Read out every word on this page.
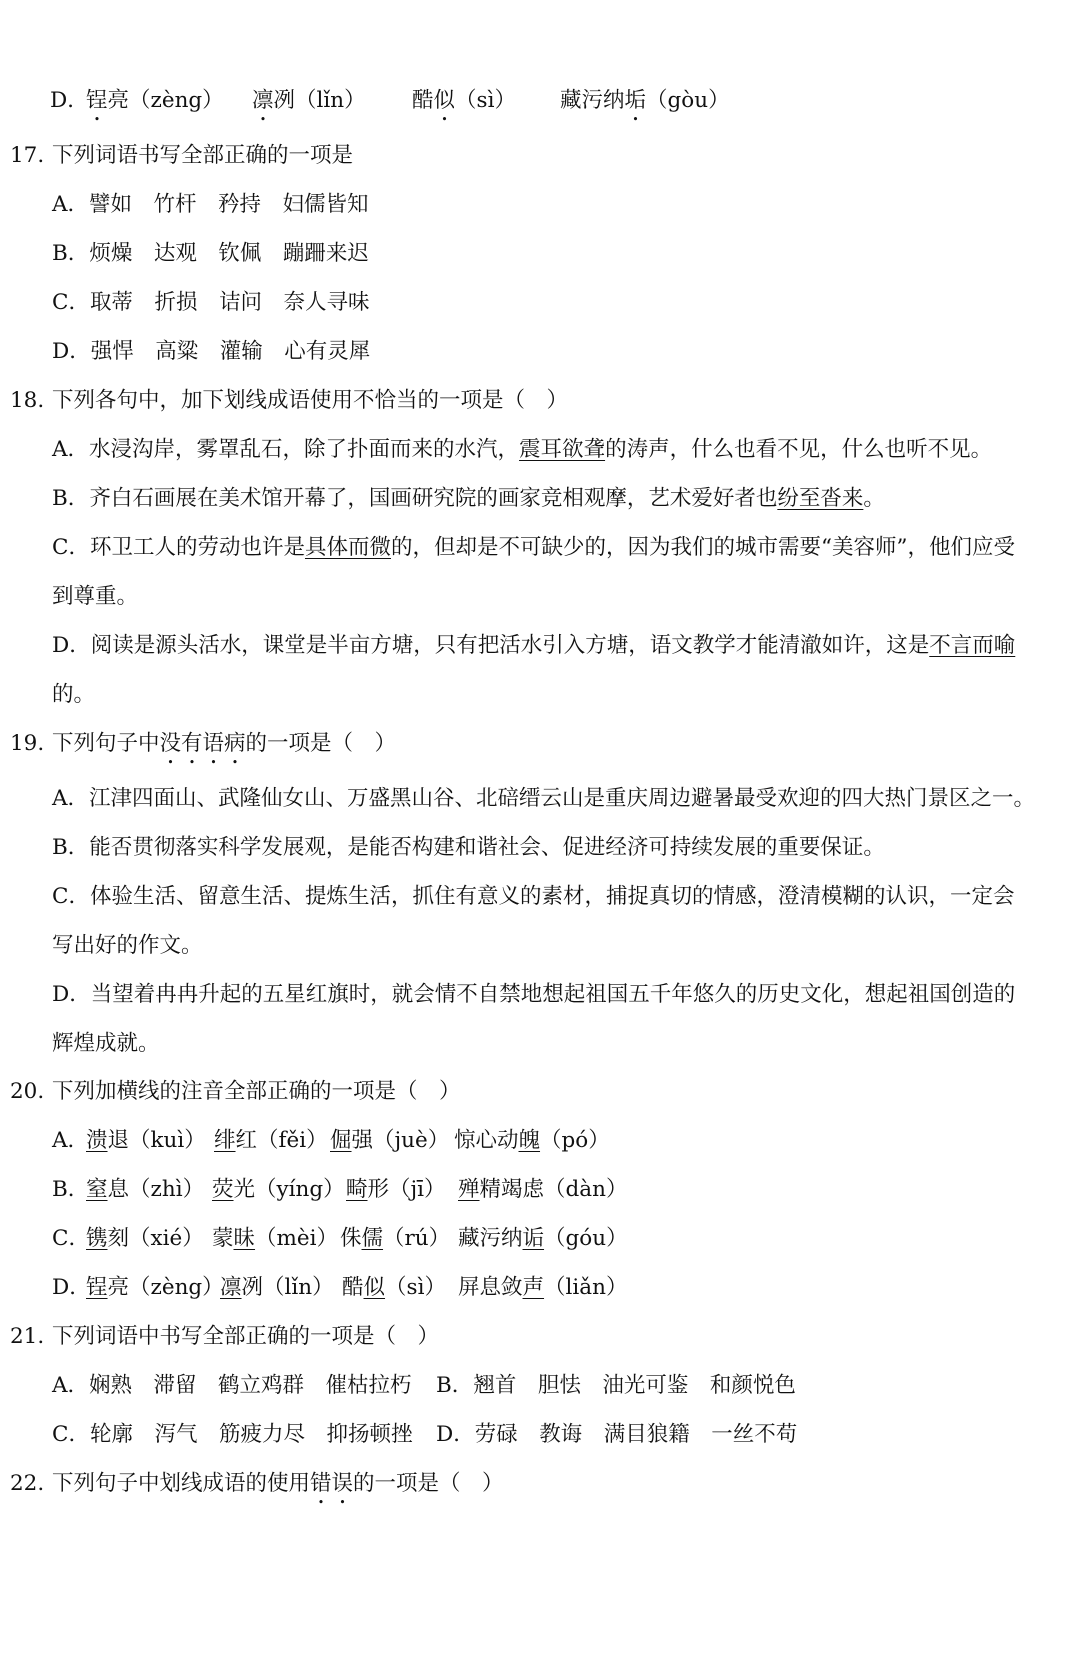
D．
锃亮（zèng） 凛冽（lǐn） 酷似（sì） 藏污纳垢（gòu）
17. 下列词语书写全部正确的一项是
A．譬如　竹杆　矜持　妇儒皆知
B．烦燥　达观　钦佩　蹦跚来迟
C．取蒂　折损　诘问　奈人寻味
D．强悍　高粱　灌输　心有灵犀
18. 下列各句中，加下划线成语使用不恰当的一项是（　）
A．水浸沟岸，雾罩乱石，除了扑面而来的水汽，震耳欲聋的涛声，什么也看不见，什么也听不见。
B．齐白石画展在美术馆开幕了，国画研究院的画家竞相观摩，艺术爱好者也纷至沓来。
C．环卫工人的劳动也许是具体而微的，但却是不可缺少的，因为我们的城市需要“美容师”，他们应受
到尊重。
D．阅读是源头活水，课堂是半亩方塘，只有把活水引入方塘，语文教学才能清澈如许，这是不言而喻
的。
19. 下列句子中没有语病的一项是（　）
A．江津四面山、武隆仙女山、万盛黑山谷、北碚缙云山是重庆周边避暑最受欢迎的四大热门景区之一。
B．能否贯彻落实科学发展观，是能否构建和谐社会、促进经济可持续发展的重要保证。
C．体验生活、留意生活、提炼生活，抓住有意义的素材，捕捉真切的情感，澄清模糊的认识，一定会
写出好的作文。
D．当望着冉冉升起的五星红旗时，就会情不自禁地想起祖国五千年悠久的历史文化，想起祖国创造的
辉煌成就。
20. 下列加横线的注音全部正确的一项是（　）
A．
溃退（kuì） 绯红（fěi） 倔强（juè） 惊心动魄（pó）
B．
窒息（zhì） 荧光（yíng） 畸形（jī） 殚精竭虑（dàn）
C．
镌刻（xié） 蒙昧（mèi） 侏儒（rú） 藏污纳诟（góu）
D．
锃亮（zèng）
凛冽（lǐn） 酷似（sì） 屏息敛声（liǎn）
21. 下列词语中书写全部正确的一项是（　）
A．娴熟　滞留　鹤立鸡群　催枯拉朽 B．翘首　胆怯　油光可鉴　和颜悦色
C．轮廓　泻气　筋疲力尽　抑扬顿挫 D．劳碌　教诲　满目狼籍　一丝不苟
22. 下列句子中划线成语的使用错误的一项是（　）
